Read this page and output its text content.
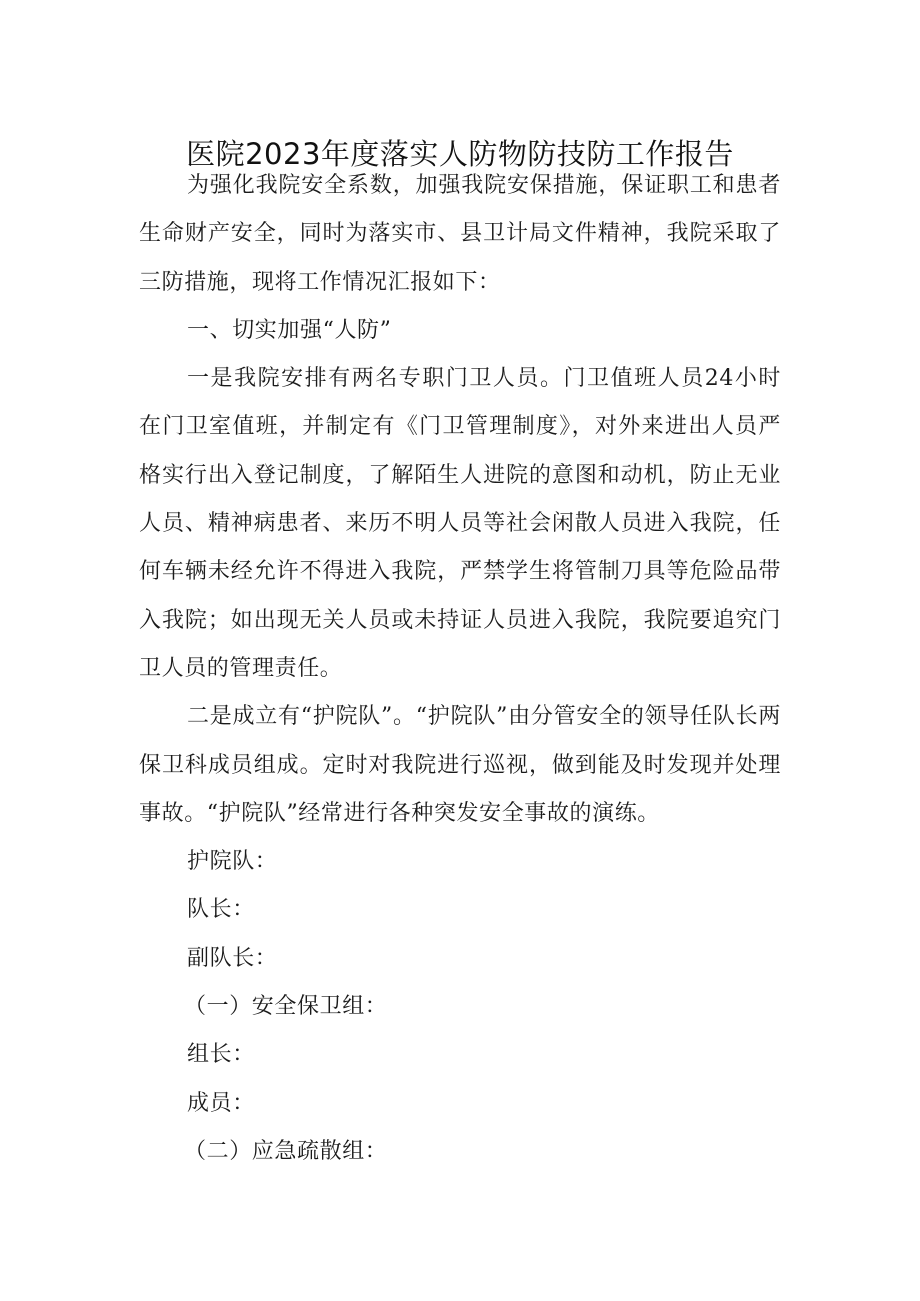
医院2023年度落实人防物防技防工作报告

为强化我院安全系数，加强我院安保措施，保证职工和患者生命财产安全，同时为落实市、县卫计局文件精神，我院采取了三防措施，现将工作情况汇报如下：

一、切实加强“人防”

一是我院安排有两名专职门卫人员。门卫值班人员24小时在门卫室值班，并制定有《门卫管理制度》，对外来进出人员严格实行出入登记制度，了解陌生人进院的意图和动机，防止无业人员、精神病患者、来历不明人员等社会闲散人员进入我院，任何车辆未经允许不得进入我院，严禁学生将管制刀具等危险品带入我院；如出现无关人员或未持证人员进入我院，我院要追究门卫人员的管理责任。

二是成立有“护院队”。“护院队”由分管安全的领导任队长两保卫科成员组成。定时对我院进行巡视，做到能及时发现并处理事故。“护院队”经常进行各种突发安全事故的演练。

护院队：

队长：

副队长：

（一）安全保卫组：

组长：

成员：

（二）应急疏散组：
